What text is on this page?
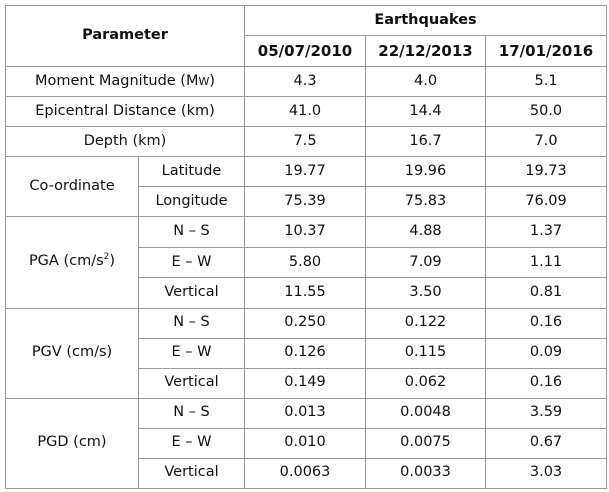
Parameter		Earthquakes		
		05/07/2010	22/12/2013	17/01/2016
Moment Magnitude (MW)		4.3	4.0	5.1
Epicentral Distance (km)		41.0	14.4	50.0
Depth (km)		7.5	16.7	7.0
Co-ordinate	Latitude	19.77	19.96	19.73
	Longitude	75.39	75.83	76.09
PGA $(cm/s^2)$	N – S	10.37	4.88	1.37
	E – W	5.80	7.09	1.11
	Vertical	11.55	3.50	0.81
PGV (cm/s)	N – S	0.250	0.122	0.16
	E – W	0.126	0.115	0.09
	Vertical	0.149	0.062	0.16
PGD (cm)	N – S	0.013	0.0048	3.59
	E – W	0.010	0.0075	0.67
	Vertical	0.0063	0.0033	3.03
